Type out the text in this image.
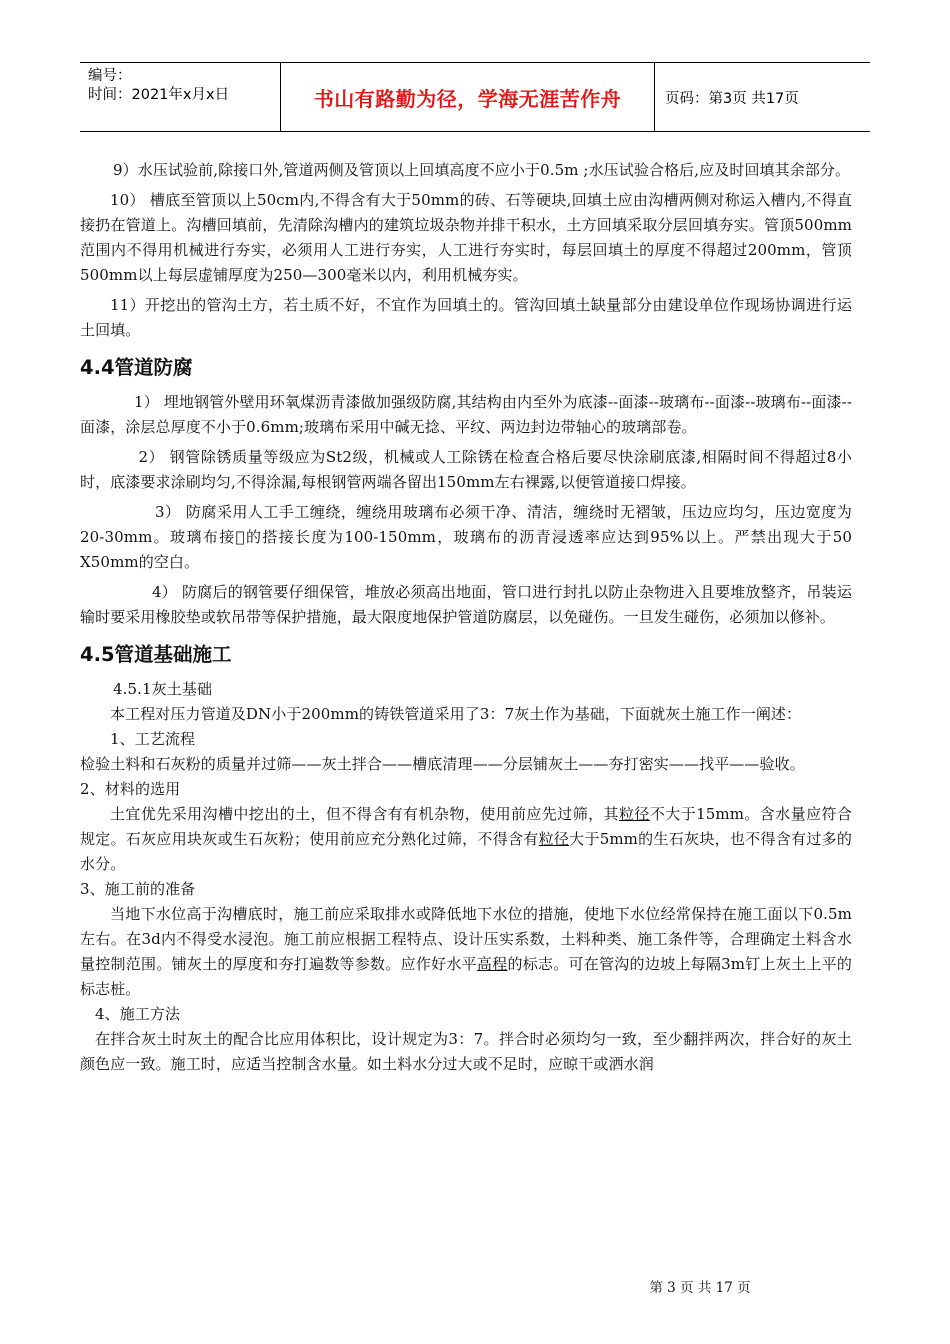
编号：
时间：2021年x月x日	书山有路勤为径，学海无涯苦作舟	页码：第3页 共17页

9）水压试验前,除接口外,管道两侧及管顶以上回填高度不应小于0.5m ;水压试验合格后,应及时回填其余部分。

10） 槽底至管顶以上50cm内,不得含有大于50mm的砖、石等硬块,回填土应由沟槽两侧对称运入槽内,不得直接扔在管道上。沟槽回填前，先清除沟槽内的建筑垃圾杂物并排干积水，土方回填采取分层回填夯实。管顶500mm范围内不得用机械进行夯实，必须用人工进行夯实，人工进行夯实时，每层回填土的厚度不得超过200mm，管顶500mm以上每层虚铺厚度为250—300毫米以内，利用机械夯实。

11）开挖出的管沟土方，若土质不好，不宜作为回填土的。管沟回填土缺量部分由建设单位作现场协调进行运土回填。

4.4管道防腐

1） 埋地钢管外壁用环氧煤沥青漆做加强级防腐,其结构由内至外为底漆--面漆--玻璃布--面漆--玻璃布--面漆--面漆，涂层总厚度不小于0.6mm;玻璃布采用中碱无捻、平纹、两边封边带轴心的玻璃部卷。

2） 钢管除锈质量等级应为St2级，机械或人工除锈在检查合格后要尽快涂刷底漆,相隔时间不得超过8小时，底漆要求涂刷均匀,不得涂漏,每根钢管两端各留出150mm左右裸露,以便管道接口焊接。

3） 防腐采用人工手工缠绕，缠绕用玻璃布必须干净、清洁，缠绕时无褶皱，压边应均匀，压边宽度为20-30mm。玻璃布接𨱖的搭接长度为100-150mm，玻璃布的沥青浸透率应达到95%以上。严禁出现大于50 X50mm的空白。

4） 防腐后的钢管要仔细保管，堆放必须高出地面，管口进行封扎以防止杂物进入且要堆放整齐，吊装运输时要采用橡胶垫或软吊带等保护措施，最大限度地保护管道防腐层，以免碰伤。一旦发生碰伤，必须加以修补。

4.5管道基础施工

4.5.1灰土基础

本工程对压力管道及DN小于200mm的铸铁管道采用了3：7灰土作为基础，下面就灰土施工作一阐述：

1、工艺流程

检验土料和石灰粉的质量并过筛——灰土拌合——槽底清理——分层铺灰土——夯打密实——找平——验收。

2、材料的选用

土宜优先采用沟槽中挖出的土，但不得含有有机杂物，使用前应先过筛，其粒径不大于15mm。含水量应符合规定。石灰应用块灰或生石灰粉；使用前应充分熟化过筛，不得含有粒径大于5mm的生石灰块，也不得含有过多的水分。

3、施工前的准备

当地下水位高于沟槽底时，施工前应采取排水或降低地下水位的措施，使地下水位经常保持在施工面以下0.5m左右。在3d内不得受水浸泡。施工前应根据工程特点、设计压实系数，土料种类、施工条件等，合理确定土料含水量控制范围。铺灰土的厚度和夯打遍数等参数。应作好水平高程的标志。可在管沟的边坡上每隔3m钉上灰土上平的标志桩。

4、施工方法

在拌合灰土时灰土的配合比应用体积比，设计规定为3：7。拌合时必须均匀一致，至少翻拌两次，拌合好的灰土颜色应一致。施工时，应适当控制含水量。如土料水分过大或不足时，应晾干或洒水润

第 3 页 共 17 页
